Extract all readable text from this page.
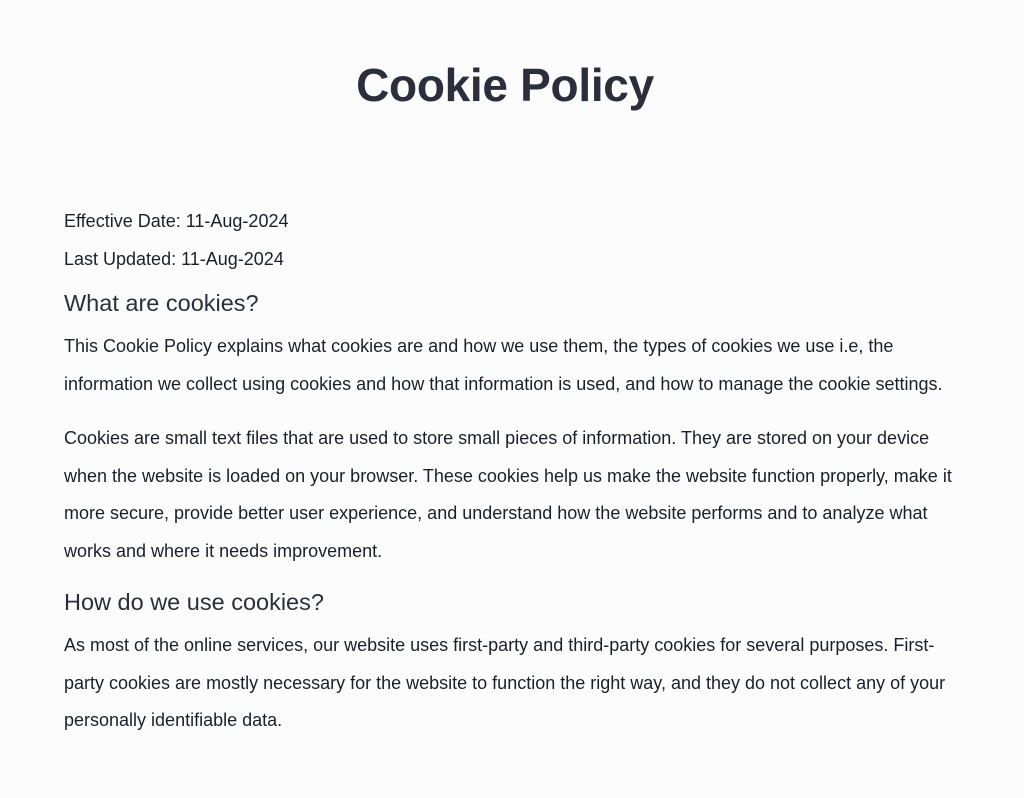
Cookie Policy

Effective Date: 11-Aug-2024

Last Updated: 11-Aug-2024

What are cookies?

This Cookie Policy explains what cookies are and how we use them, the types of cookies we use i.e, the information we collect using cookies and how that information is used, and how to manage the cookie settings.

Cookies are small text files that are used to store small pieces of information. They are stored on your device when the website is loaded on your browser. These cookies help us make the website function properly, make it more secure, provide better user experience, and understand how the website performs and to analyze what works and where it needs improvement.

How do we use cookies?

As most of the online services, our website uses first-party and third-party cookies for several purposes. First-party cookies are mostly necessary for the website to function the right way, and they do not collect any of your personally identifiable data.
